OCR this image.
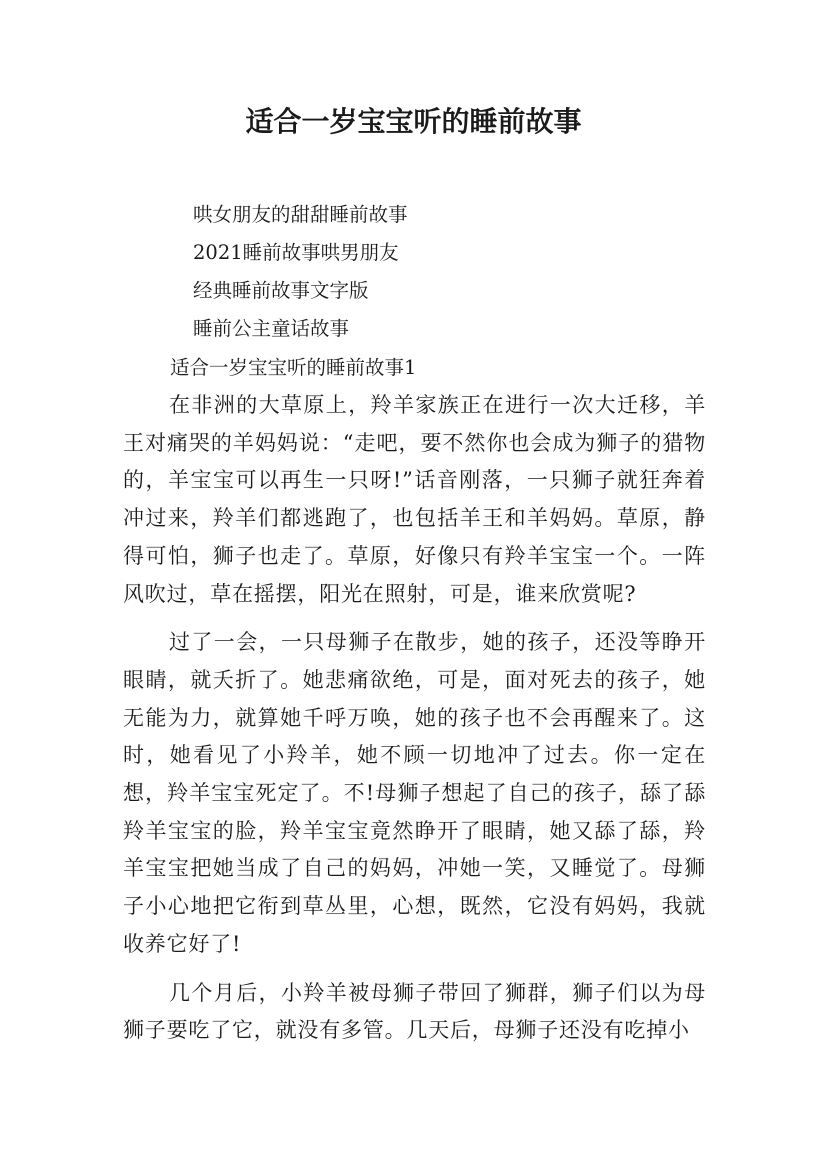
适合一岁宝宝听的睡前故事
哄女朋友的甜甜睡前故事
2021睡前故事哄男朋友
经典睡前故事文字版
睡前公主童话故事
适合一岁宝宝听的睡前故事1

在非洲的大草原上，羚羊家族正在进行一次大迁移，羊王对痛哭的羊妈妈说：“走吧，要不然你也会成为狮子的猎物的，羊宝宝可以再生一只呀!”话音刚落，一只狮子就狂奔着冲过来，羚羊们都逃跑了，也包括羊王和羊妈妈。草原，静得可怕，狮子也走了。草原，好像只有羚羊宝宝一个。一阵风吹过，草在摇摆，阳光在照射，可是，谁来欣赏呢?

过了一会，一只母狮子在散步，她的孩子，还没等睁开眼睛，就夭折了。她悲痛欲绝，可是，面对死去的孩子，她无能为力，就算她千呼万唤，她的孩子也不会再醒来了。这时，她看见了小羚羊，她不顾一切地冲了过去。你一定在想，羚羊宝宝死定了。不!母狮子想起了自己的孩子，舔了舔羚羊宝宝的脸，羚羊宝宝竟然睁开了眼睛，她又舔了舔，羚羊宝宝把她当成了自己的妈妈，冲她一笑，又睡觉了。母狮子小心地把它衔到草丛里，心想，既然，它没有妈妈，我就收养它好了!

几个月后，小羚羊被母狮子带回了狮群，狮子们以为母狮子要吃了它，就没有多管。几天后，母狮子还没有吃掉小
